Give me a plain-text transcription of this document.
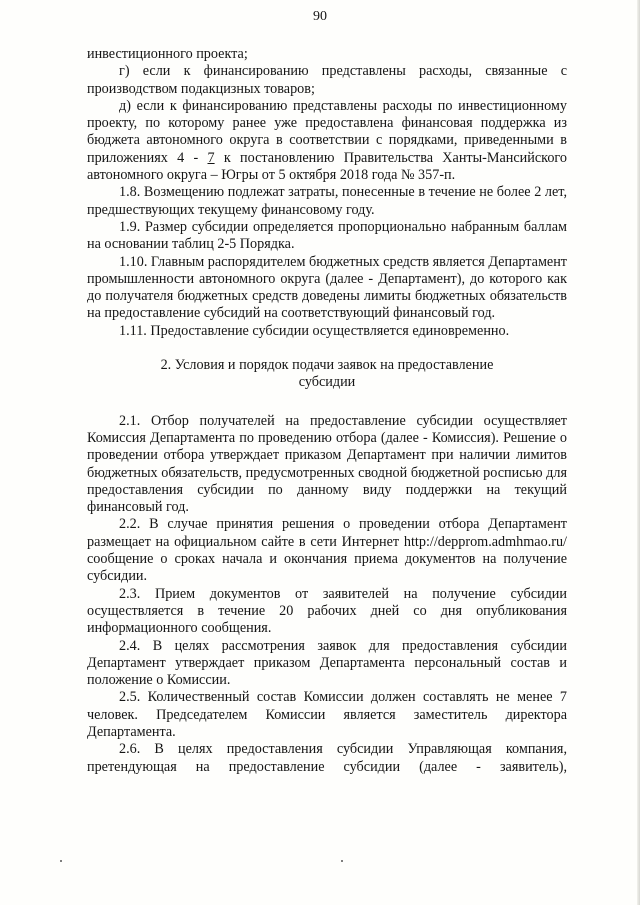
90

инвестиционного проекта;

г) если к финансированию представлены расходы, связанные с производством подакцизных товаров;

д) если к финансированию представлены расходы по инвестиционному проекту, по которому ранее уже предоставлена финансовая поддержка из бюджета автономного округа в соответствии с порядками, приведенными в приложениях 4 - 7 к постановлению Правительства Ханты-Мансийского автономного округа – Югры от 5 октября 2018 года № 357-п.

1.8. Возмещению подлежат затраты, понесенные в течение не более 2 лет, предшествующих текущему финансовому году.

1.9. Размер субсидии определяется пропорционально набранным баллам на основании таблиц 2-5 Порядка.

1.10. Главным распорядителем бюджетных средств является Департамент промышленности автономного округа (далее - Департамент), до которого как до получателя бюджетных средств доведены лимиты бюджетных обязательств на предоставление субсидий на соответствующий финансовый год.

1.11. Предоставление субсидии осуществляется единовременно.

2. Условия и порядок подачи заявок на предоставление
субсидии

2.1. Отбор получателей на предоставление субсидии осуществляет Комиссия Департамента по проведению отбора (далее - Комиссия). Решение о проведении отбора утверждает приказом Департамент при наличии лимитов бюджетных обязательств, предусмотренных сводной бюджетной росписью для предоставления субсидии по данному виду поддержки на текущий финансовый год.

2.2. В случае принятия решения о проведении отбора Департамент размещает на официальном сайте в сети Интернет http://depprom.admhmao.ru/ сообщение о сроках начала и окончания приема документов на получение субсидии.

2.3. Прием документов от заявителей на получение субсидии осуществляется в течение 20 рабочих дней со дня опубликования информационного сообщения.

2.4. В целях рассмотрения заявок для предоставления субсидии Департамент утверждает приказом Департамента персональный состав и положение о Комиссии.

2.5. Количественный состав Комиссии должен составлять не менее 7 человек. Председателем Комиссии является заместитель директора Департамента.

2.6. В целях предоставления субсидии Управляющая компания, претендующая на предоставление субсидии (далее - заявитель),
